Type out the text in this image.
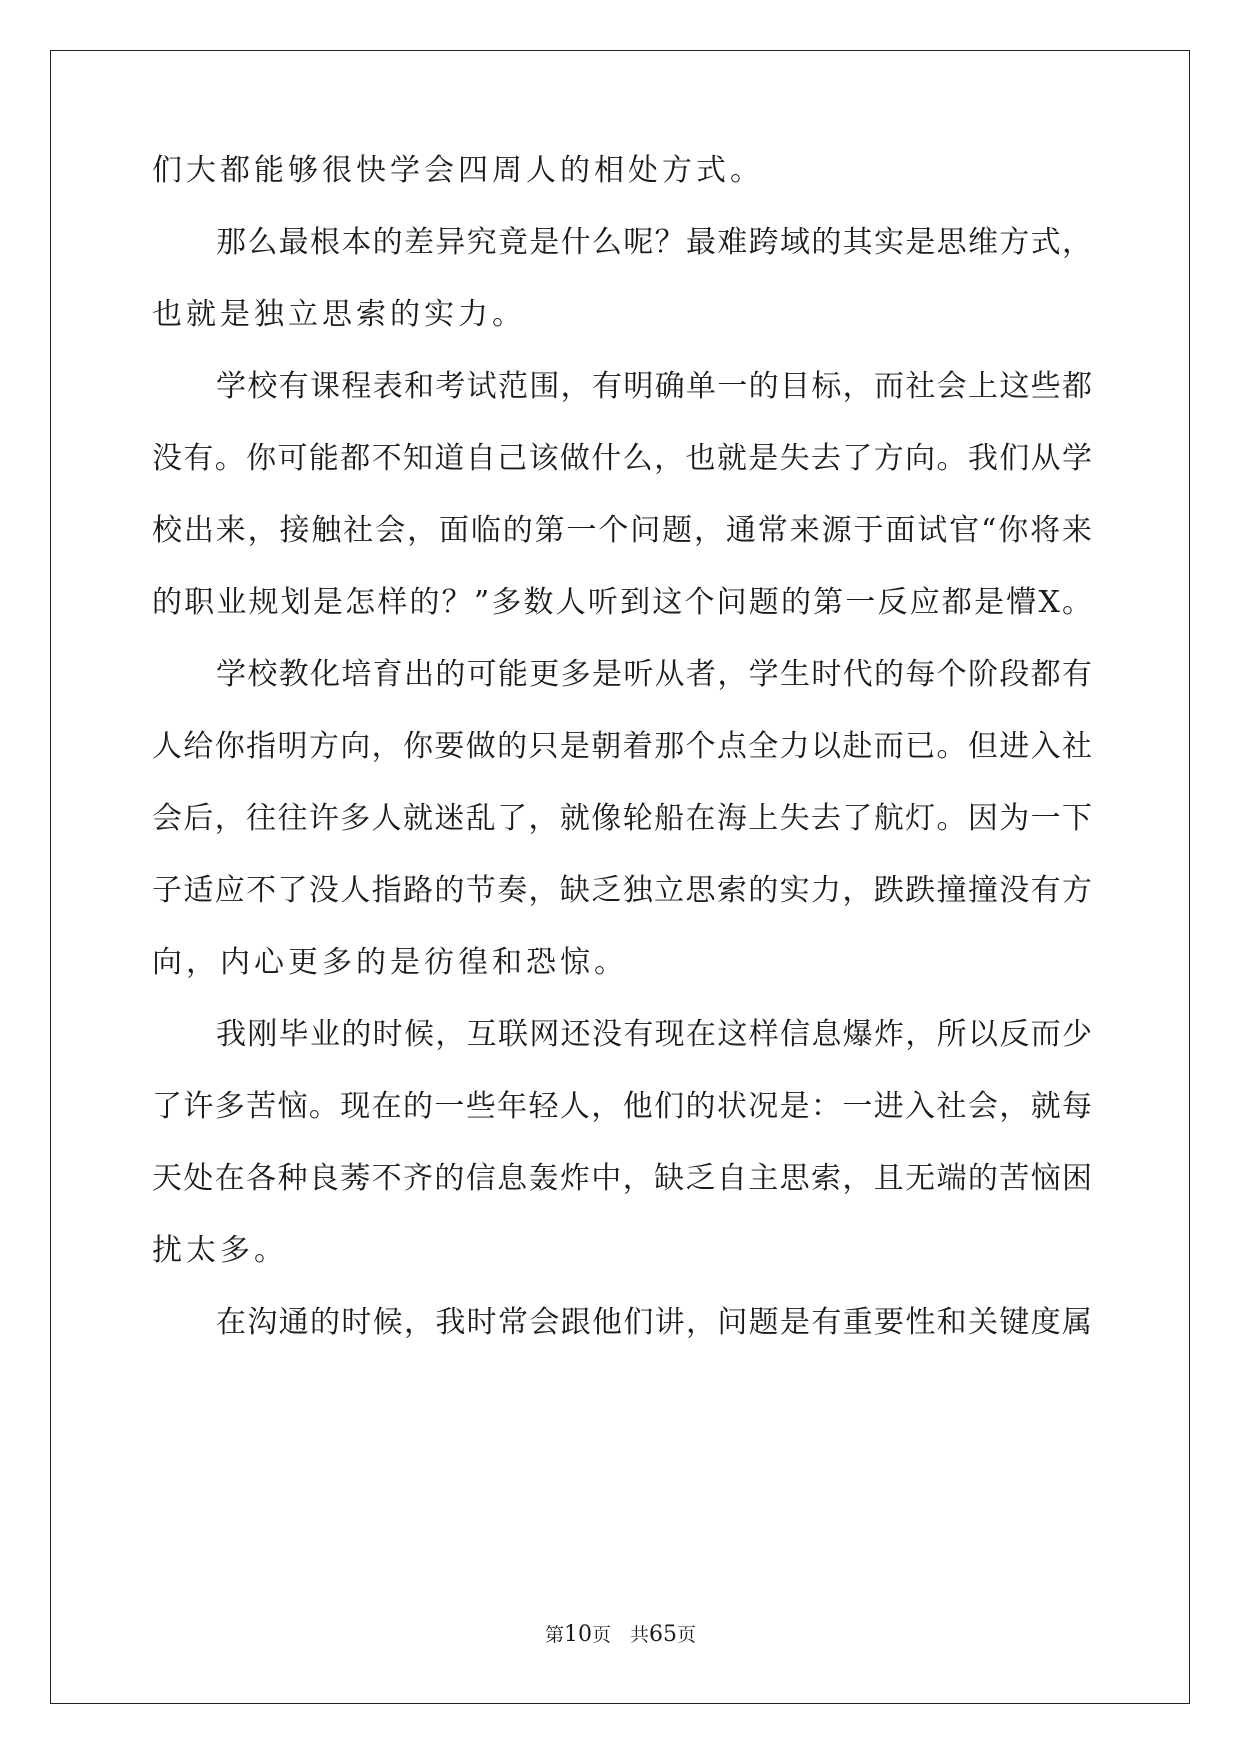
们大都能够很快学会四周人的相处方式。
那么最根本的差异究竟是什么呢？最难跨域的其实是思维方式，
也就是独立思索的实力。
学校有课程表和考试范围，有明确单一的目标，而社会上这些都
没有。你可能都不知道自己该做什么，也就是失去了方向。我们从学
校出来，接触社会，面临的第一个问题，通常来源于面试官“你将来
的职业规划是怎样的？”多数人听到这个问题的第一反应都是懵X。
学校教化培育出的可能更多是听从者，学生时代的每个阶段都有
人给你指明方向，你要做的只是朝着那个点全力以赴而已。但进入社
会后，往往许多人就迷乱了，就像轮船在海上失去了航灯。因为一下
子适应不了没人指路的节奏，缺乏独立思索的实力，跌跌撞撞没有方
向，内心更多的是彷徨和恐惊。
我刚毕业的时候，互联网还没有现在这样信息爆炸，所以反而少
了许多苦恼。现在的一些年轻人，他们的状况是：一进入社会，就每
天处在各种良莠不齐的信息轰炸中，缺乏自主思索，且无端的苦恼困
扰太多。
在沟通的时候，我时常会跟他们讲，问题是有重要性和关键度属
第10页　共65页
